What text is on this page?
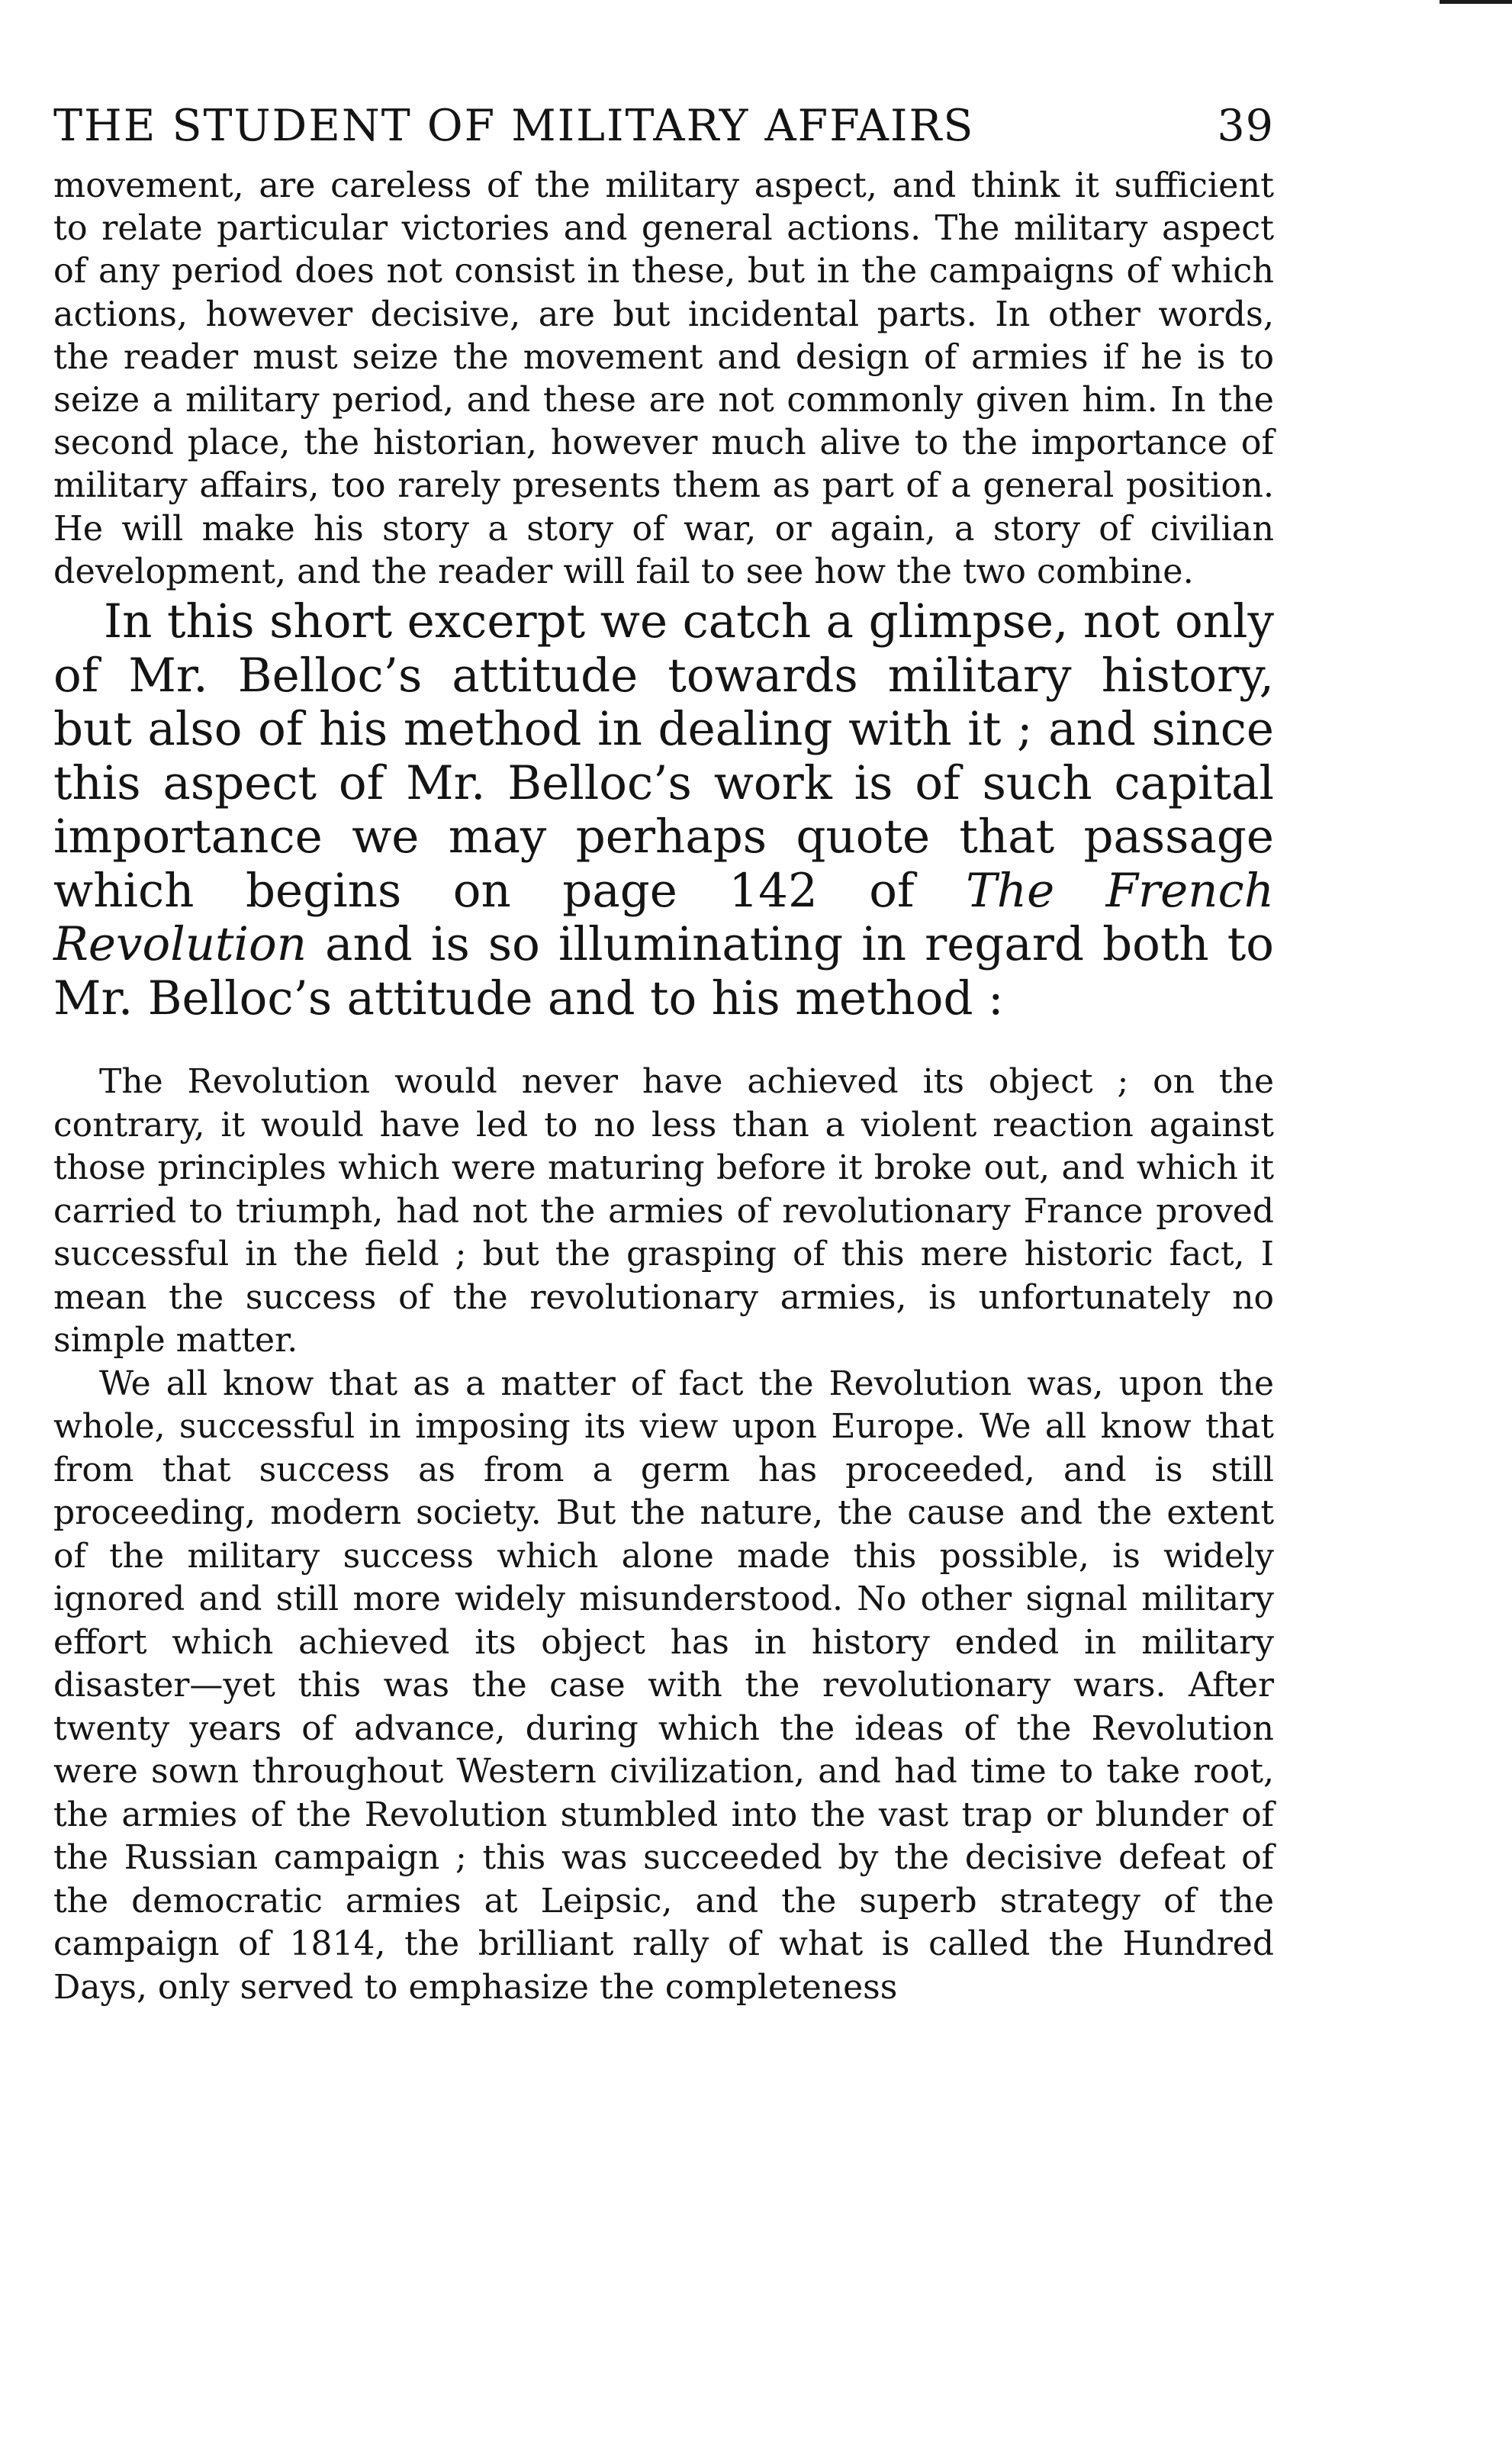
THE STUDENT OF MILITARY AFFAIRS	39

movement, are careless of the military aspect, and think it sufficient to relate particular victories and general actions. The military aspect of any period does not consist in these, but in the campaigns of which actions, however decisive, are but incidental parts. In other words, the reader must seize the movement and design of armies if he is to seize a military period, and these are not commonly given him. In the second place, the historian, however much alive to the importance of military affairs, too rarely presents them as part of a general position. He will make his story a story of war, or again, a story of civilian development, and the reader will fail to see how the two combine.

In this short excerpt we catch a glimpse, not only of Mr. Belloc’s attitude towards military history, but also of his method in dealing with it ; and since this aspect of Mr. Belloc’s work is of such capital importance we may perhaps quote that passage which begins on page 142 of The French Revolution and is so illuminating in regard both to Mr. Belloc’s attitude and to his method :

The Revolution would never have achieved its object ; on the contrary, it would have led to no less than a violent reaction against those principles which were maturing before it broke out, and which it carried to triumph, had not the armies of revolutionary France proved successful in the field ; but the grasping of this mere historic fact, I mean the success of the revolutionary armies, is unfortunately no simple matter.

We all know that as a matter of fact the Revolution was, upon the whole, successful in imposing its view upon Europe. We all know that from that success as from a germ has proceeded, and is still proceeding, modern society. But the nature, the cause and the extent of the military success which alone made this possible, is widely ignored and still more widely misunderstood. No other signal military effort which achieved its object has in history ended in military disaster—yet this was the case with the revolutionary wars. After twenty years of advance, during which the ideas of the Revolution were sown throughout Western civilization, and had time to take root, the armies of the Revolution stumbled into the vast trap or blunder of the Russian campaign ; this was succeeded by the decisive defeat of the democratic armies at Leipsic, and the superb strategy of the campaign of 1814, the brilliant rally of what is called the Hundred Days, only served to emphasize the completeness
